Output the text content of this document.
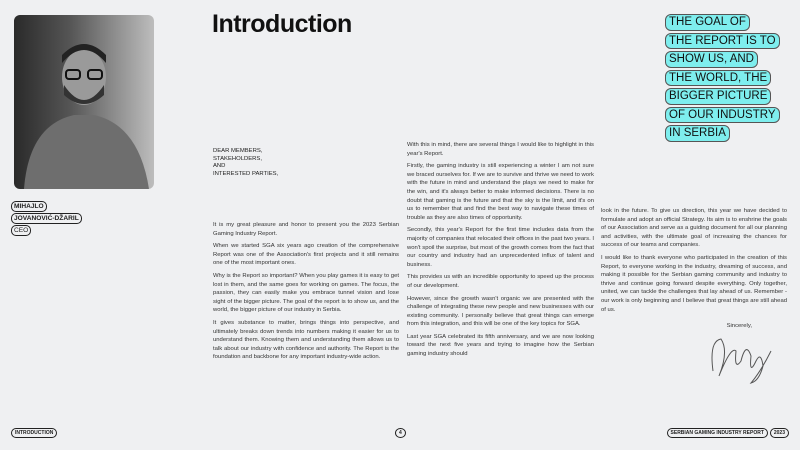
MIHAJLO
JOVANOVIĆ-DŽARIL
CEO
Introduction	THE GOAL OF
THE REPORT IS TO
SHOW US, AND
THE WORLD, THE
BIGGER PICTURE
OF OUR INDUSTRY
IN SERBIA
DEAR MEMBERS,
STAKEHOLDERS,
AND
INTERESTED PARTIES,

It is my great pleasure and honor to present you the 2023 Serbian Gaming Industry Report.

When we started SGA six years ago creation of the comprehensive Report was one of the Association's first projects and it still remains one of the most important ones.

Why is the Report so important? When you play games it is easy to get lost in them, and the same goes for working on games. The focus, the passion, they can easily make you embrace tunnel vision and lose sight of the bigger picture. The goal of the report is to show us, and the world, the bigger picture of our industry in Serbia.

It gives substance to matter, brings things into perspective, and ultimately breaks down trends into numbers making it easier for us to understand them. Knowing them and understanding them allows us to talk about our industry with confidence and authority. The Report is the foundation and backbone for any important industry-wide action.

With this in mind, there are several things I would like to highlight in this year's Report.

Firstly, the gaming industry is still experiencing a winter I am not sure we braced ourselves for. If we are to survive and thrive we need to work with the future in mind and understand the plays we need to make for the win, and it's always better to make informed decisions. There is no doubt that gaming is the future and that the sky is the limit, and it's on us to remember that and find the best way to navigate these times of trouble as they are also times of opportunity.

Secondly, this year's Report for the first time includes data from the majority of companies that relocated their offices in the past two years. I won't spoil the surprise, but most of the growth comes from the fact that our country and industry had an unprecedented influx of talent and business.

This provides us with an incredible opportunity to speed up the process of our development.

However, since the growth wasn't organic we are presented with the challenge of integrating these new people and new businesses with our existing community. I personally believe that great things can emerge from this integration, and this will be one of the key topics for SGA.

Last year SGA celebrated its fifth anniversary, and we are now looking toward the next five years and trying to imagine how the Serbian gaming industry should

look in the future. To give us direction, this year we have decided to formulate and adopt an official Strategy. Its aim is to enshrine the goals of our Association and serve as a guiding document for all our planning and activities, with the ultimate goal of increasing the chances for success of our teams and companies.

I would like to thank everyone who participated in the creation of this Report, to everyone working in the industry, dreaming of success, and making it possible for the Serbian gaming community and industry to thrive and continue going forward despite everything. Only together, united, we can tackle the challenges that lay ahead of us. Remember - our work is only beginning and I believe that great things are still ahead of us.

Sincerely,
INTRODUCTION	4	SERBIAN GAMING INDUSTRY REPORT	2023
